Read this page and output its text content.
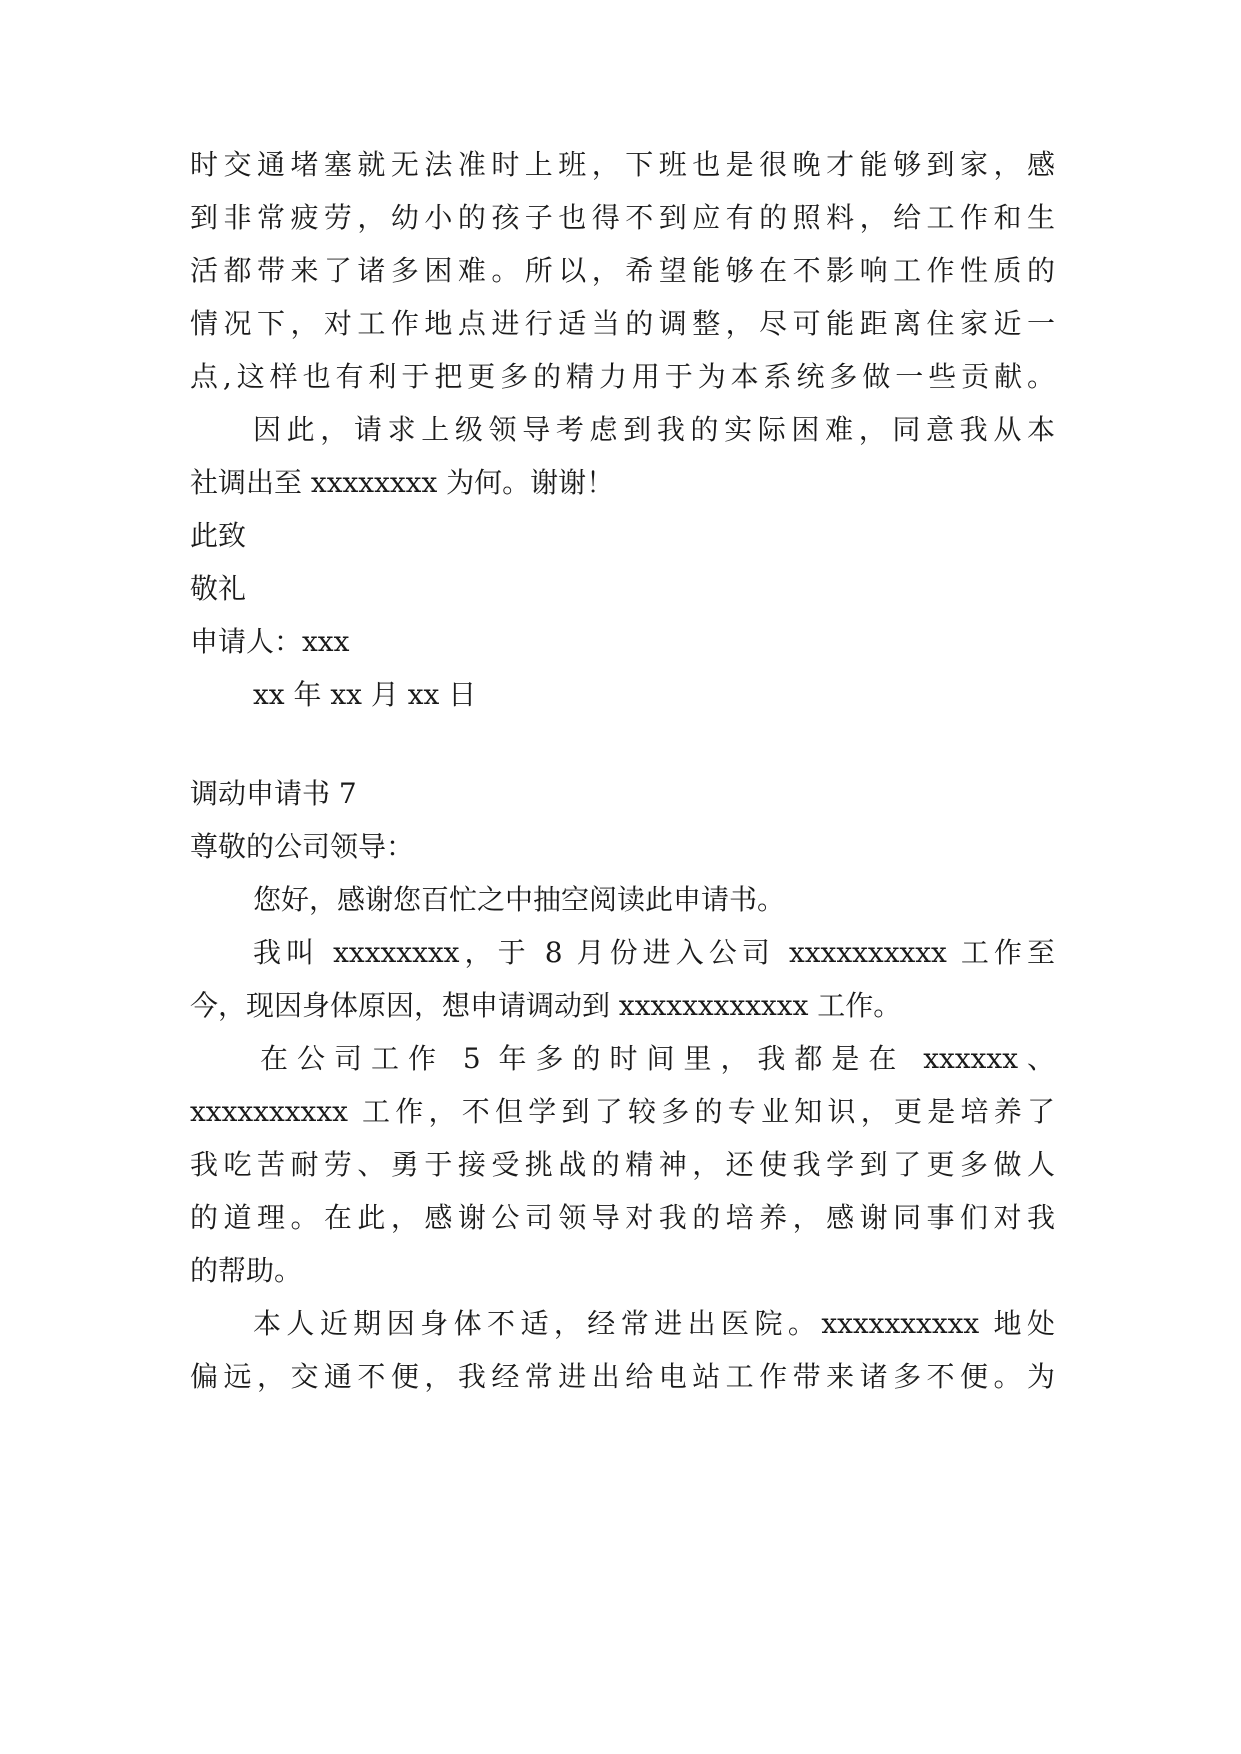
时交通堵塞就无法准时上班，下班也是很晚才能够到家，感

到非常疲劳，幼小的孩子也得不到应有的照料，给工作和生

活都带来了诸多困难。所以，希望能够在不影响工作性质的

情况下，对工作地点进行适当的调整，尽可能距离住家近一

点,这样也有利于把更多的精力用于为本系统多做一些贡献。

因此，请求上级领导考虑到我的实际困难，同意我从本

社调出至 xxxxxxxx 为何。谢谢！

此致

敬礼

申请人：xxx

xx 年 xx 月 xx 日

调动申请书 7

尊敬的公司领导：

您好，感谢您百忙之中抽空阅读此申请书。

我叫 xxxxxxxx，于 8 月份进入公司 xxxxxxxxxx 工作至

今，现因身体原因，想申请调动到 xxxxxxxxxxxx 工作。

在公司工作 5 年多的时间里，我都是在 xxxxxx、

xxxxxxxxxx 工作，不但学到了较多的专业知识，更是培养了

我吃苦耐劳、勇于接受挑战的精神，还使我学到了更多做人

的道理。在此，感谢公司领导对我的培养，感谢同事们对我

的帮助。

本人近期因身体不适，经常进出医院。xxxxxxxxxx 地处

偏远，交通不便，我经常进出给电站工作带来诸多不便。为
